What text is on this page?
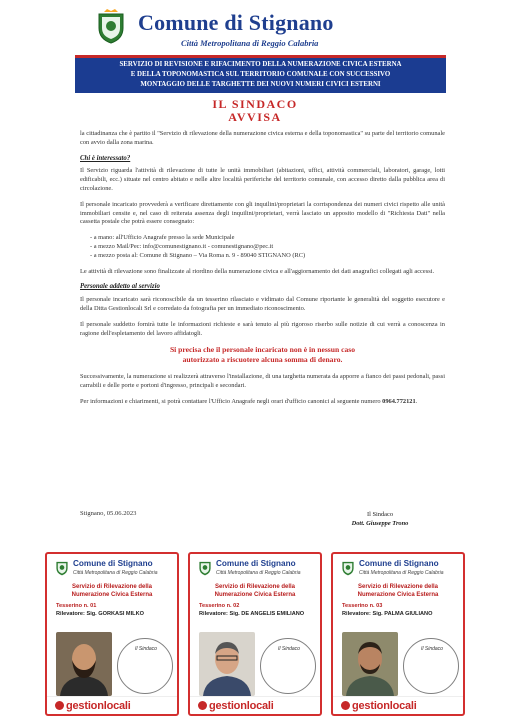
Comune di Stignano
Città Metropolitana di Reggio Calabria
SERVIZIO DI REVISIONE E RIFACIMENTO DELLA NUMERAZIONE CIVICA ESTERNA
E DELLA TOPONOMASTICA SUL TERRITORIO COMUNALE CON SUCCESSIVO
MONTAGGIO DELLE TARGHETTE DEI NUOVI NUMERI CIVICI ESTERNI
IL SINDACO
AVVISA

la cittadinanza che è partito il "Servizio di rilevazione della numerazione civica esterna e della toponomastica" su parte del territorio comunale con avvio dalla zona marina.

Chi è interessato?

Il Servizio riguarda l'attività di rilevazione di tutte le unità immobiliari (abitazioni, uffici, attività commerciali, laboratori, garage, lotti edificabili, ecc.) situate nel centro abitato e nelle altre località periferiche del territorio comunale, con accesso diretto dalla pubblica area di circolazione.

Il personale incaricato provvederà a verificare direttamente con gli inquilini/proprietari la corrispondenza dei numeri civici rispetto alle unità immobiliari censite e, nel caso di reiterata assenza degli inquilini/proprietari, verrà lasciato un apposito modello di "Richiesta Dati" nella cassetta postale che potrà essere consegnato:

- a mano: all'Ufficio Anagrafe presso la sede Municipale
- a mezzo Mail/Pec: info@comunestignano.it - comunestignano@pec.it
- a mezzo posta al: Comune di Stignano – Via Roma n. 9 - 89040 STIGNANO (RC)

Le attività di rilevazione sono finalizzate al riordino della numerazione civica e all'aggiornamento dei dati anagrafici collegati agli accessi.

Personale addetto al servizio

Il personale incaricato sarà riconoscibile da un tesserino rilasciato e vidimato dal Comune riportante le generalità del soggetto esecutore e della Ditta Gestionlocali Srl e corredato da fotografia per un immediato riconoscimento.

Il personale suddetto fornirà tutte le informazioni richieste e sarà tenuto al più rigoroso riserbo sulle notizie di cui verrà a conoscenza in ragione dell'espletamento del lavoro affidatogli.

Si precisa che il personale incaricato non è in nessun caso
autorizzato a riscuotere alcuna somma di denaro.

Successivamente, la numerazione si realizzerà attraverso l'installazione, di una targhetta numerata da apporre a fianco dei passi pedonali, passi carrabili e delle porte e portoni d'ingresso, principali e secondari.

Per informazioni e chiarimenti, si potrà contattare l'Ufficio Anagrafe negli orari d'ufficio canonici al seguente numero 0964.772121.

Stignano, 05.06.2023	Il Sindaco
Dott. Giuseppe Trono
Comune di Stignano
Città Metropolitana di Reggio Calabria
Servizio di Rilevazione della
Numerazione Civica Esterna
Tesserino n. 01
Rilevatore: Sig. GORKASI MILKO
Il Sindaco
gestionlocali
Comune di Stignano
Città Metropolitana di Reggio Calabria
Servizio di Rilevazione della
Numerazione Civica Esterna
Tesserino n. 02
Rilevatore: Sig. DE ANGELIS EMILIANO
Il Sindaco
gestionlocali
Comune di Stignano
Città Metropolitana di Reggio Calabria
Servizio di Rilevazione della
Numerazione Civica Esterna
Tesserino n. 03
Rilevatore: Sig. PALMA GIULIANO
Il Sindaco
gestionlocali
